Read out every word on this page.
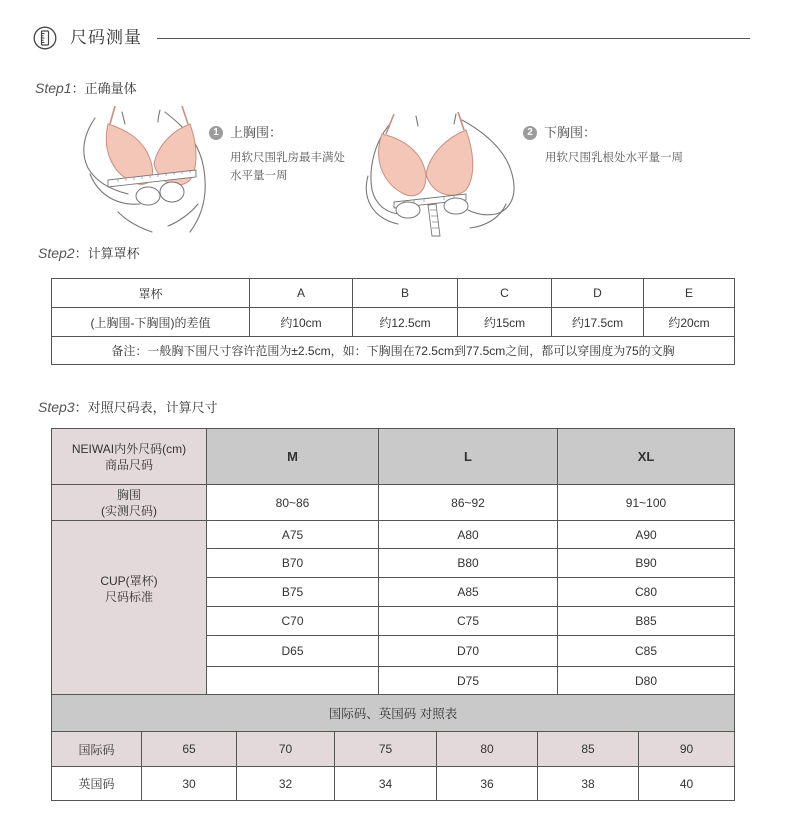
尺码测量
Step1：正确量体
1 上胸围：
用软尺围乳房最丰满处
水平量一周
2 下胸围：
用软尺围乳根处水平量一周
Step2：计算罩杯
罩杯	A	B	C	D	E
(上胸围-下胸围)的差值	约10cm	约12.5cm	约15cm	约17.5cm	约20cm
备注：一般胸下围尺寸容许范围为±2.5cm，如：下胸围在72.5cm到77.5cm之间，都可以穿围度为75的文胸					
Step3：对照尺码表，计算尺寸
NEIWAI内外尺码(cm)
商品尺码	M	L	XL

胸围
(实测尺码)	80~86	86~92	91~100

CUP(罩杯)
尺码标准	A75	A80	A90
	B70	B80	B90
	B75	A85	C80
	C70	C75	B85
	D65	D70	C85
		D75	D80
国际码、英国码 对照表						
国际码	65	70	75	80	85	90
英国码	30	32	34	36	38	40
